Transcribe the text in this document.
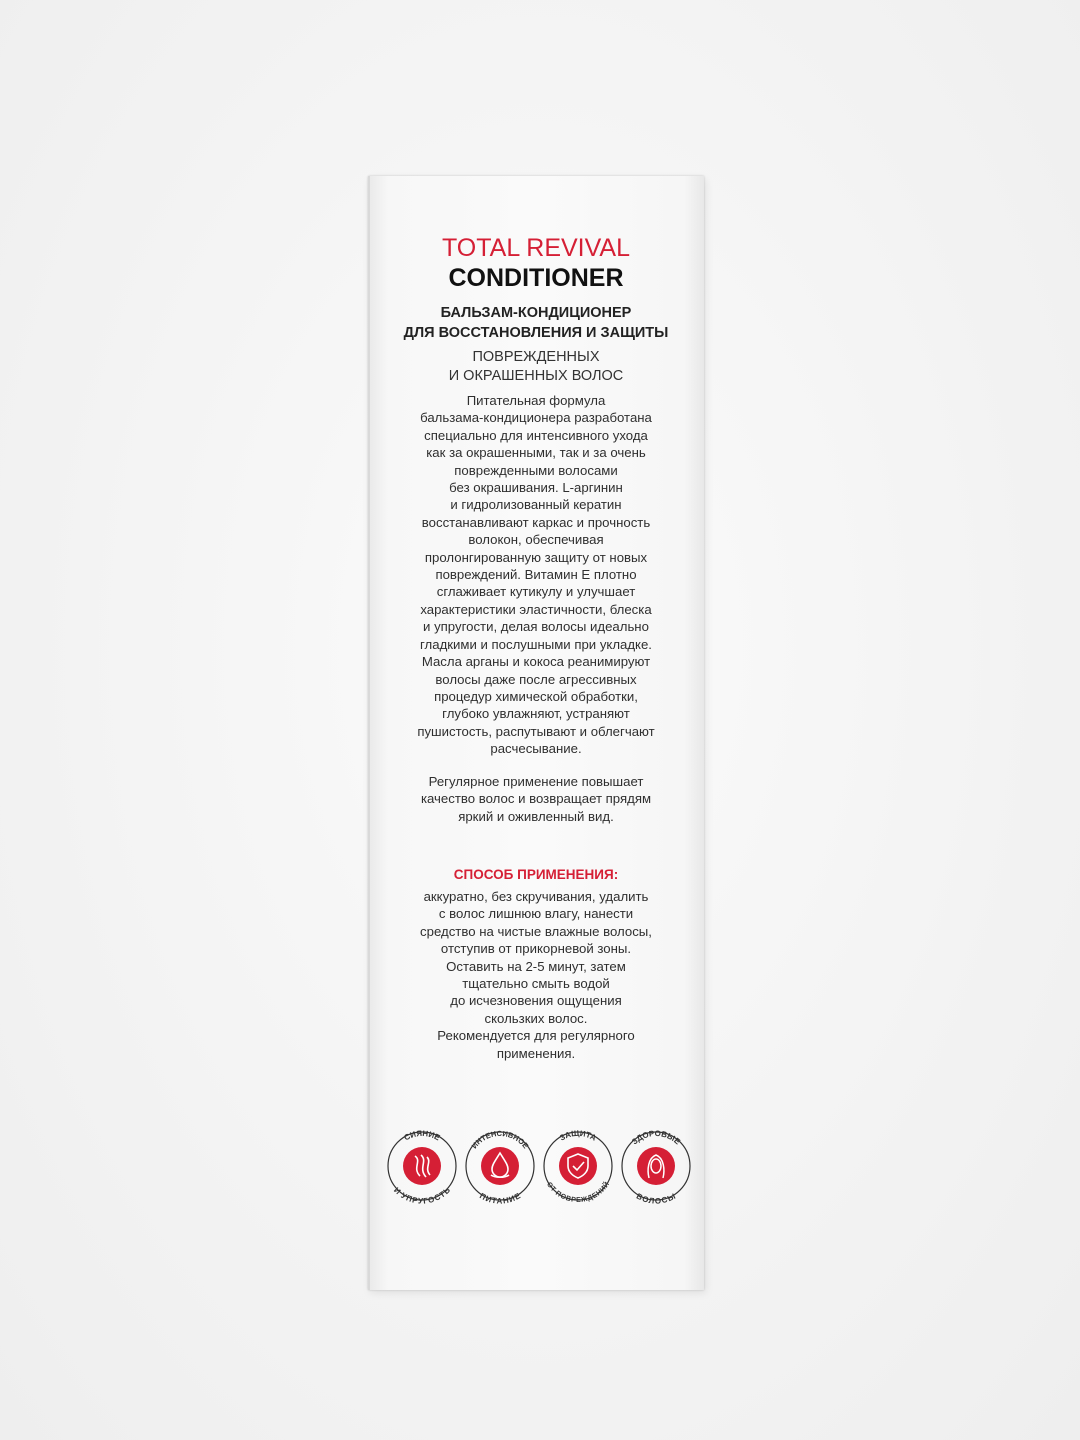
TOTAL REVIVAL
CONDITIONER
БАЛЬЗАМ-КОНДИЦИОНЕР
ДЛЯ ВОССТАНОВЛЕНИЯ И ЗАЩИТЫ
ПОВРЕЖДЕННЫХ
И ОКРАШЕННЫХ ВОЛОС
Питательная формула
бальзама-кондиционера разработана
специально для интенсивного ухода
как за окрашенными, так и за очень
поврежденными волосами
без окрашивания. L-аргинин
и гидролизованный кератин
восстанавливают каркас и прочность
волокон, обеспечивая
пролонгированную защиту от новых
повреждений. Витамин Е плотно
сглаживает кутикулу и улучшает
характеристики эластичности, блеска
и упругости, делая волосы идеально
гладкими и послушными при укладке.
Масла арганы и кокоса реанимируют
волосы даже после агрессивных
процедур химической обработки,
глубоко увлажняют, устраняют
пушистость, распутывают и облегчают
расчесывание.
Регулярное применение повышает
качество волос и возвращает прядям
яркий и оживленный вид.
СПОСОБ ПРИМЕНЕНИЯ:
аккуратно, без скручивания, удалить
с волос лишнюю влагу, нанести
средство на чистые влажные волосы,
отступив от прикорневой зоны.
Оставить на 2-5 минут, затем
тщательно смыть водой
до исчезновения ощущения
скользких волос.
Рекомендуется для регулярного
применения.
СИЯНИЕ
И УПРУГОСТЬ
ИНТЕНСИВНОЕ
ПИТАНИЕ
ЗАЩИТА
ОТ ПОВРЕЖДЕНИЙ
ЗДОРОВЫЕ
ВОЛОСЫ
